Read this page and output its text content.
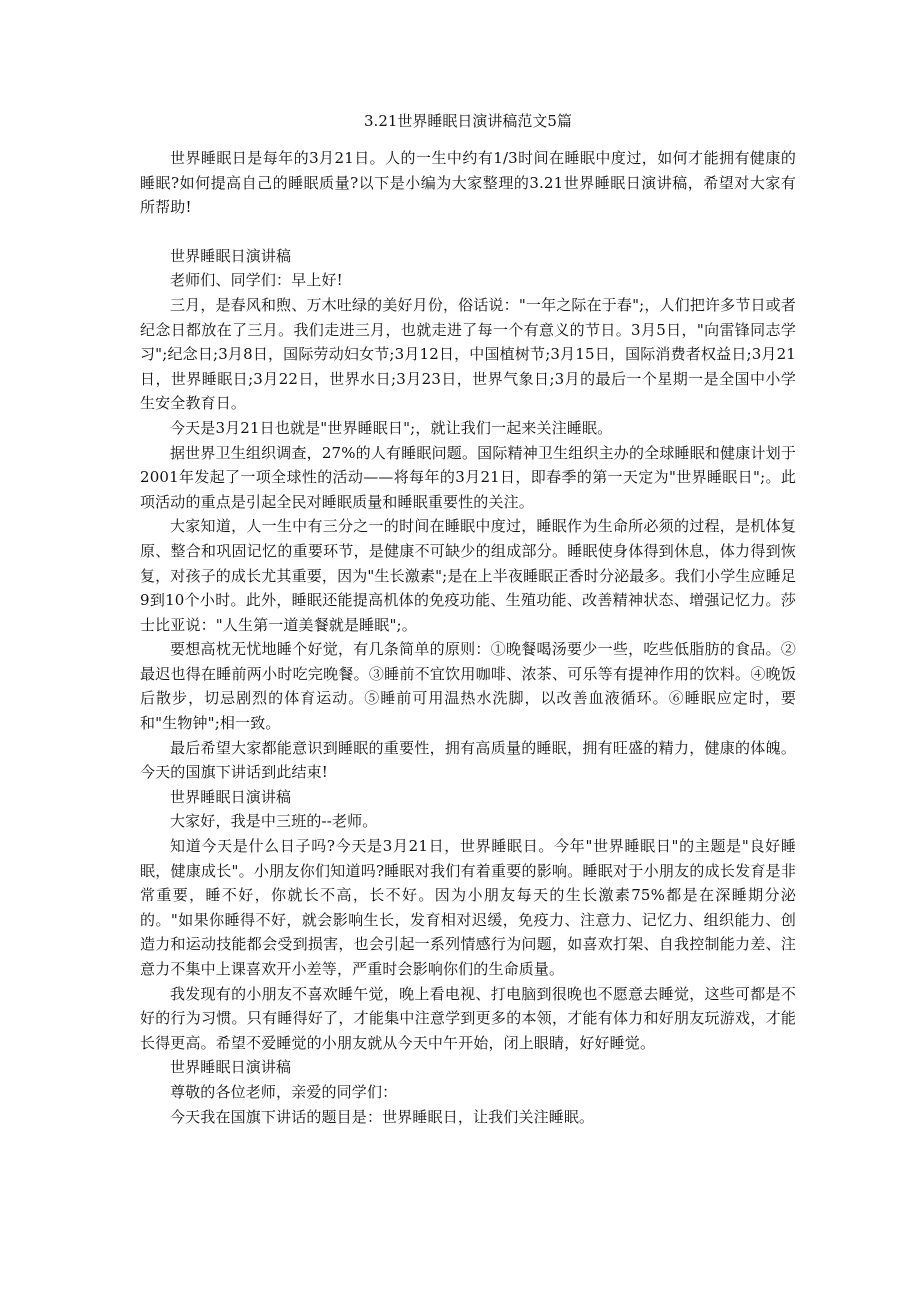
3.21世界睡眠日演讲稿范文5篇

世界睡眠日是每年的3月21日。人的一生中约有1/3时间在睡眠中度过，如何才能拥有健康的睡眠?如何提高自己的睡眠质量?以下是小编为大家整理的3.21世界睡眠日演讲稿，希望对大家有所帮助!

世界睡眠日演讲稿

老师们、同学们：早上好!

三月，是春风和煦、万木吐绿的美好月份，俗话说："一年之际在于春";，人们把许多节日或者纪念日都放在了三月。我们走进三月，也就走进了每一个有意义的节日。3月5日，"向雷锋同志学习";纪念日;3月8日，国际劳动妇女节;3月12日，中国植树节;3月15日，国际消费者权益日;3月21日，世界睡眠日;3月22日，世界水日;3月23日，世界气象日;3月的最后一个星期一是全国中小学生安全教育日。

今天是3月21日也就是"世界睡眠日";，就让我们一起来关注睡眠。

据世界卫生组织调查，27%的人有睡眠问题。国际精神卫生组织主办的全球睡眠和健康计划于2001年发起了一项全球性的活动——将每年的3月21日，即春季的第一天定为"世界睡眠日";。此项活动的重点是引起全民对睡眠质量和睡眠重要性的关注。

大家知道，人一生中有三分之一的时间在睡眠中度过，睡眠作为生命所必须的过程，是机体复原、整合和巩固记忆的重要环节，是健康不可缺少的组成部分。睡眠使身体得到休息，体力得到恢复，对孩子的成长尤其重要，因为"生长激素";是在上半夜睡眠正香时分泌最多。我们小学生应睡足9到10个小时。此外，睡眠还能提高机体的免疫功能、生殖功能、改善精神状态、增强记忆力。莎士比亚说："人生第一道美餐就是睡眠";。

要想高枕无忧地睡个好觉，有几条简单的原则：①晚餐喝汤要少一些，吃些低脂肪的食品。②最迟也得在睡前两小时吃完晚餐。③睡前不宜饮用咖啡、浓茶、可乐等有提神作用的饮料。④晚饭后散步，切忌剧烈的体育运动。⑤睡前可用温热水洗脚，以改善血液循环。⑥睡眠应定时，要和"生物钟";相一致。

最后希望大家都能意识到睡眠的重要性，拥有高质量的睡眠，拥有旺盛的精力，健康的体魄。今天的国旗下讲话到此结束!

世界睡眠日演讲稿

大家好，我是中三班的--老师。

知道今天是什么日子吗?今天是3月21日，世界睡眠日。今年"世界睡眠日"的主题是"良好睡眠，健康成长"。小朋友你们知道吗?睡眠对我们有着重要的影响。睡眠对于小朋友的成长发育是非常重要，睡不好，你就长不高，长不好。因为小朋友每天的生长激素75%都是在深睡期分泌的。"如果你睡得不好，就会影响生长，发育相对迟缓，免疫力、注意力、记忆力、组织能力、创造力和运动技能都会受到损害，也会引起一系列情感行为问题，如喜欢打架、自我控制能力差、注意力不集中上课喜欢开小差等，严重时会影响你们的生命质量。

我发现有的小朋友不喜欢睡午觉，晚上看电视、打电脑到很晚也不愿意去睡觉，这些可都是不好的行为习惯。只有睡得好了，才能集中注意学到更多的本领，才能有体力和好朋友玩游戏，才能长得更高。希望不爱睡觉的小朋友就从今天中午开始，闭上眼睛，好好睡觉。

世界睡眠日演讲稿

尊敬的各位老师，亲爱的同学们：

今天我在国旗下讲话的题目是：世界睡眠日，让我们关注睡眠。
